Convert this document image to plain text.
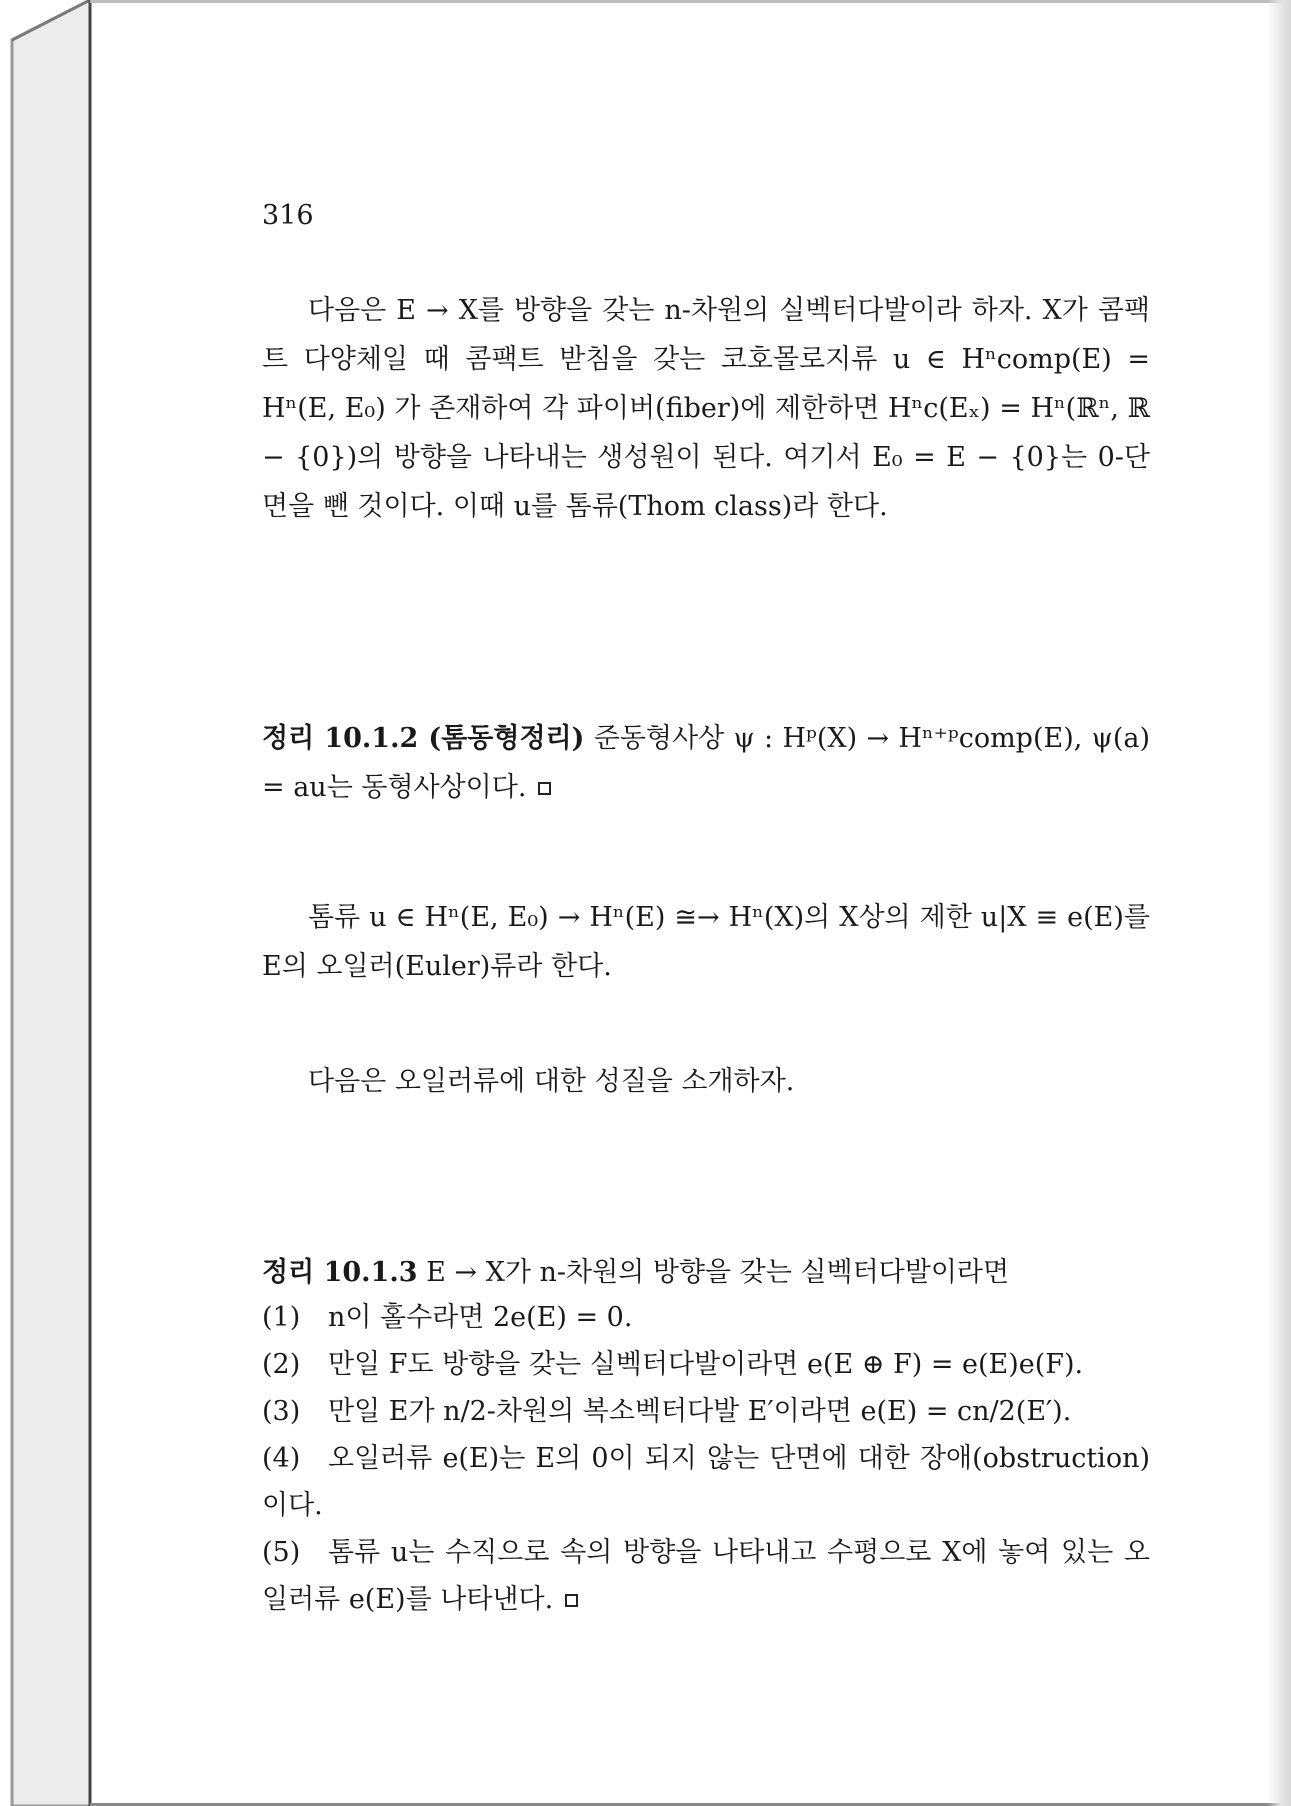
316
다음은 E → X를 방향을 갖는 n-차원의 실벡터다발이라 하자. X가 콤팩트 다양체일 때 콤팩트 받침을 갖는 코호몰로지류 u ∈ Hⁿcomp(E) = Hⁿ(E, E₀) 가 존재하여 각 파이버(fiber)에 제한하면 Hⁿc(Eₓ) = Hⁿ(ℝⁿ, ℝ − {0})의 방향을 나타내는 생성원이 된다. 여기서 E₀ = E − {0}는 0-단면을 뺀 것이다. 이때 u를 톰류(Thom class)라 한다.
정리 10.1.2 (톰동형정리) 준동형사상 ψ : Hᵖ(X) → Hⁿ⁺ᵖcomp(E), ψ(a) = au는 동형사상이다.
톰류 u ∈ Hⁿ(E, E₀) → Hⁿ(E) ≅→ Hⁿ(X)의 X상의 제한 u|X ≡ e(E)를 E의 오일러(Euler)류라 한다.
다음은 오일러류에 대한 성질을 소개하자.
정리 10.1.3 E → X가 n-차원의 방향을 갖는 실벡터다발이라면
(1) n이 홀수라면 2e(E) = 0.
(2) 만일 F도 방향을 갖는 실벡터다발이라면 e(E ⊕ F) = e(E)e(F).
(3) 만일 E가 n/2-차원의 복소벡터다발 E′이라면 e(E) = cn/2(E′).
(4) 오일러류 e(E)는 E의 0이 되지 않는 단면에 대한 장애(obstruction)이다.
(5) 톰류 u는 수직으로 속의 방향을 나타내고 수평으로 X에 놓여 있는 오일러류 e(E)를 나타낸다.
